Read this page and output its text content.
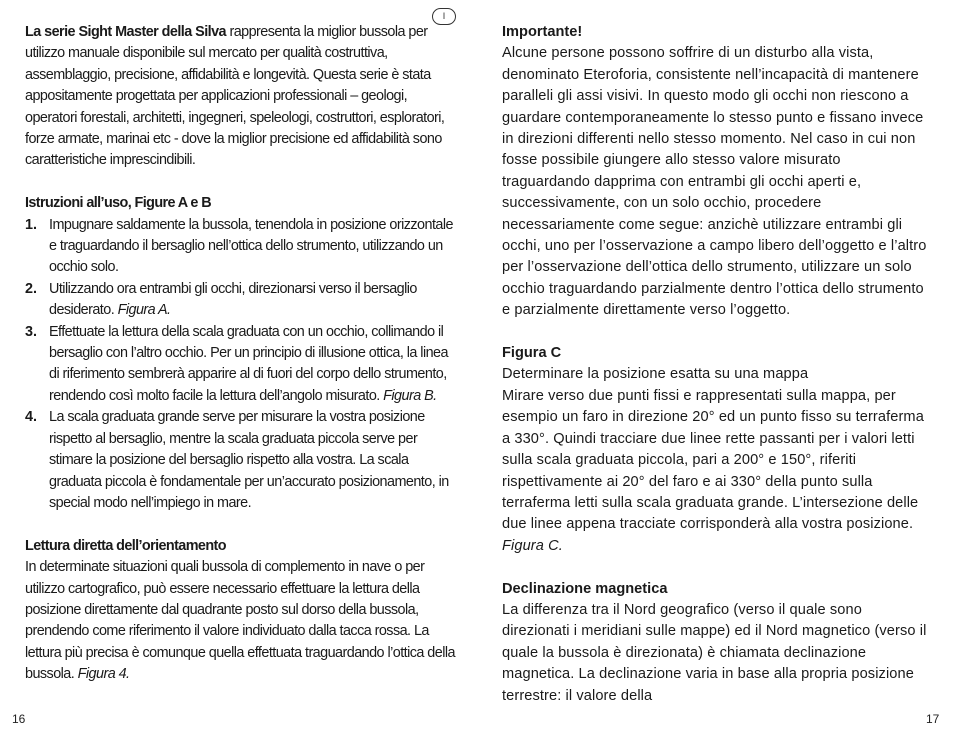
I

La serie Sight Master della Silva rappresenta la miglior bussola per utilizzo manuale disponibile sul mercato per qualità costruttiva, assemblaggio, precisione, affidabilità e longevità. Questa serie è stata appositamente progettata per applicazioni professionali – geologi, operatori forestali, architetti, ingegneri, speleologi, costruttori, esploratori, forze armate, marinai etc - dove la miglior precisione ed affidabilità sono caratteristiche imprescindibili.

Istruzioni all’uso, Figure A e B
1. Impugnare saldamente la bussola, tenendola in posizione orizzontale e traguardando il bersaglio nell’ottica dello strumento, utilizzando un occhio solo.
2. Utilizzando ora entrambi gli occhi, direzionarsi verso il bersaglio desiderato. Figura A.
3. Effettuate la lettura della scala graduata con un occhio, collimando il bersaglio con l’altro occhio. Per un principio di illusione ottica, la linea di riferimento sembrerà apparire al di fuori del corpo dello strumento, rendendo così molto facile la lettura dell’angolo misurato. Figura B.
4. La scala graduata grande serve per misurare la vostra posizione rispetto al bersaglio, mentre la scala graduata piccola serve per stimare la posizione del bersaglio rispetto alla vostra. La scala graduata piccola è fondamentale per un’accurato posizionamento, in special modo nell’impiego in mare.
Lettura diretta dell’orientamento

In determinate situazioni quali bussola di complemento in nave o per utilizzo cartografico, può essere necessario effettuare la lettura della posizione direttamente dal quadrante posto sul dorso della bussola, prendendo come riferimento il valore individuato dalla tacca rossa. La lettura più precisa è comunque quella effettuata traguardando l’ottica della bussola. Figura 4.

16
Importante!

Alcune persone possono soffrire di un disturbo alla vista, denominato Eteroforia, consistente nell’incapacità di mantenere paralleli gli assi visivi. In questo modo gli occhi non riescono a guardare contemporaneamente lo stesso punto e fissano invece in direzioni differenti nello stesso momento. Nel caso in cui non fosse possibile giungere allo stesso valore misurato traguardando dapprima con entrambi gli occhi aperti e, successivamente, con un solo occhio, procedere necessariamente come segue: anzichè utilizzare entrambi gli occhi, uno per l’osservazione a campo libero dell’oggetto e l’altro per l’osservazione dell’ottica dello strumento, utilizzare un solo occhio traguardando parzialmente dentro l’ottica dello strumento e parzialmente direttamente verso l’oggetto.

Figura C

Determinare la posizione esatta su una mappa

Mirare verso due punti fissi e rappresentati sulla mappa, per esempio un faro in direzione 20° ed un punto fisso su terraferma a 330°. Quindi tracciare due linee rette passanti per i valori letti sulla scala graduata piccola, pari a 200° e 150°, riferiti rispettivamente ai 20° del faro e ai 330° della punto sulla terraferma letti sulla scala graduata grande. L’intersezione delle due linee appena tracciate corrisponderà alla vostra posizione. Figura C.

Declinazione magnetica

La differenza tra il Nord geografico (verso il quale sono direzionati i meridiani sulle mappe) ed il Nord magnetico (verso il quale la bussola è direzionata) è chiamata declinazione magnetica. La declinazione varia in base alla propria posizione terrestre: il valore della

17
